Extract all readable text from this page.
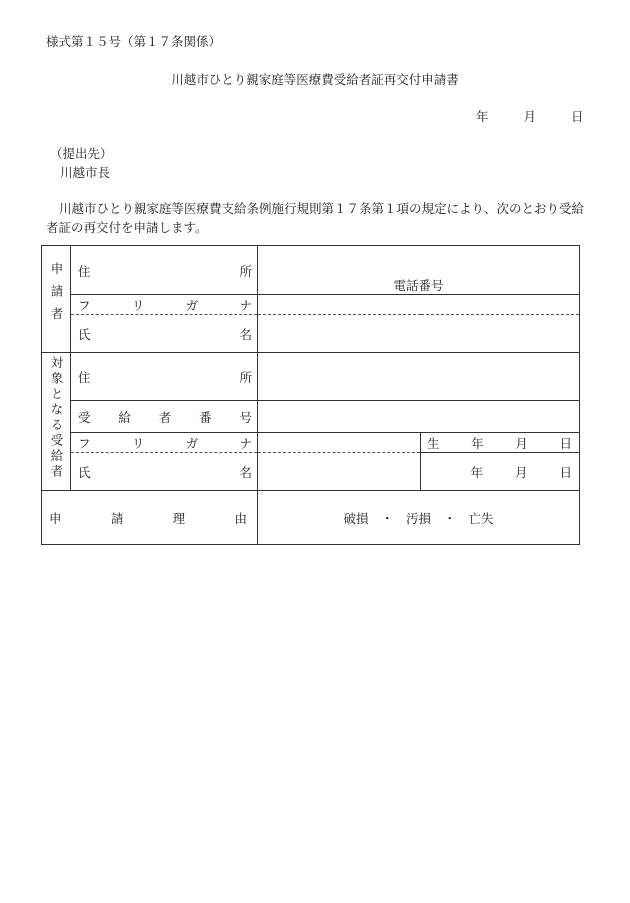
様式第１５号（第１７条関係）
川越市ひとり親家庭等医療費受給者証再交付申請書
年	月	日
（提出先）
川越市長
川越市ひとり親家庭等医療費支給条例施行規則第１７条第１項の規定により、次のとおり受給者証の再交付を申請します。
申請者	住 所	電話番号	

	フ リ ガ ナ		

	氏 名		

対象となる受給者	住 所		

	受 給 者 番 号		

	フ リ ガ ナ		生 年 月 日

	氏 名		年 月 日

申 請 理 由		破損　・　汚損　・　亡失	
